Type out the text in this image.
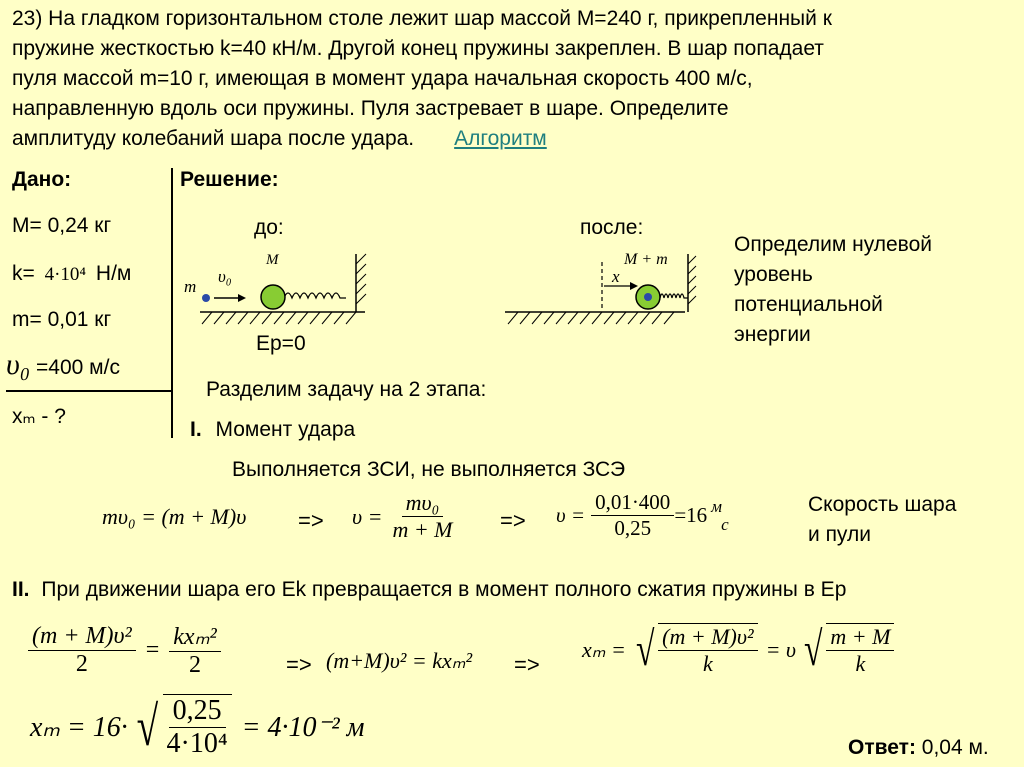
23) На гладком горизонтальном столе лежит шар массой М=240 г, прикрепленный к
пружине жесткостью k=40 кН/м. Другой конец пружины закреплен. В шар попадает
пуля массой m=10 г, имеющая в момент удара начальная скорость 400 м/с,
направленную вдоль оси пружины. Пуля застревает в шаре. Определите
амплитуду колебаний шара после удара. Алгоритм
Дано:
M= 0,24 кг
k= 4·10⁴ Н/м
m= 0,01 кг
υ₀ =400 м/с
xₘ - ?
Решение:
до:	после:
m
υ₀
M
Ep=0
x
M + m
Определим нулевой
уровень
потенциальной
энергии
Разделим задачу на 2 этапа:
I. Момент удара
Выполняется ЗСИ, не выполняется ЗСЭ
$m\upsilon_0 = (m + M)\upsilon => \upsilon = \frac{\text{mυ₀}}{m + M} => \upsilon = \frac{0,01\cdot 400}{0,25} =16$ м
с
Скорость шара
и пули
II. При движении шара его Ek превращается в момент полного сжатия пружины в Ep
$\frac{\text{(m + M)υ²}}{2} = \frac{\text{kxₘ²}}{2}$	=> (m+M)υ² = kxₘ² =>
xₘ = √ $\frac{\text{(m + M)υ²}}{k} = \upsilon$ √ $\frac{m + M}{k}$
xₘ = 16· √ $\frac{0,25}{\text{4·10⁴}} = 4\cdot 10^{-2}$ м
Ответ: 0,04 м.
